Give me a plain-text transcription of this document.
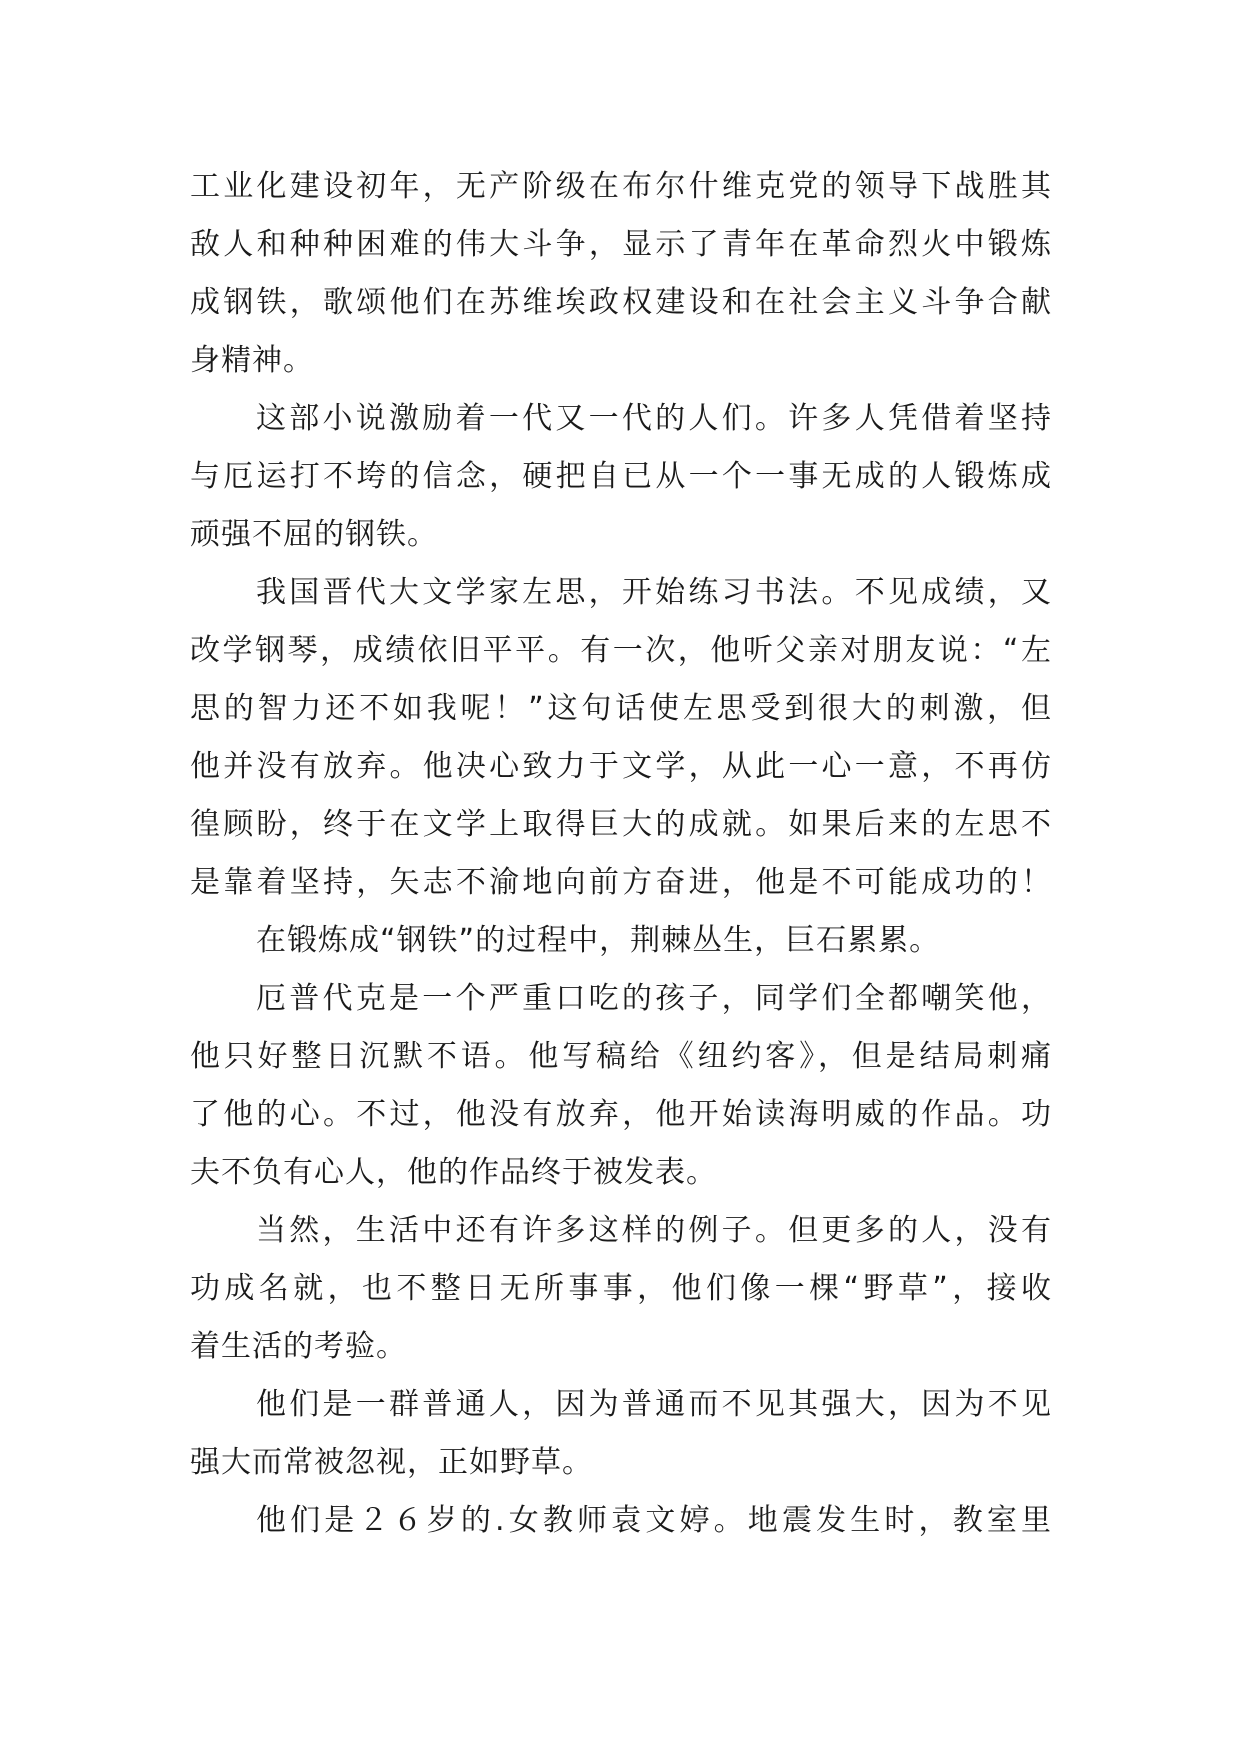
工业化建设初年，无产阶级在布尔什维克党的领导下战胜其
敌人和种种困难的伟大斗争，显示了青年在革命烈火中锻炼
成钢铁，歌颂他们在苏维埃政权建设和在社会主义斗争合献
身精神。
这部小说激励着一代又一代的人们。许多人凭借着坚持
与厄运打不垮的信念，硬把自已从一个一事无成的人锻炼成
顽强不屈的钢铁。
我国晋代大文学家左思，开始练习书法。不见成绩，又
改学钢琴，成绩依旧平平。有一次，他听父亲对朋友说：“左
思的智力还不如我呢！”这句话使左思受到很大的刺激，但
他并没有放弃。他决心致力于文学，从此一心一意，不再仿
徨顾盼，终于在文学上取得巨大的成就。如果后来的左思不
是靠着坚持，矢志不渝地向前方奋进，他是不可能成功的！
在锻炼成“钢铁”的过程中，荆棘丛生，巨石累累。
厄普代克是一个严重口吃的孩子，同学们全都嘲笑他，
他只好整日沉默不语。他写稿给《纽约客》，但是结局刺痛
了他的心。不过，他没有放弃，他开始读海明威的作品。功
夫不负有心人，他的作品终于被发表。
当然，生活中还有许多这样的例子。但更多的人，没有
功成名就，也不整日无所事事，他们像一棵“野草”，接收
着生活的考验。
他们是一群普通人，因为普通而不见其强大，因为不见
强大而常被忽视，正如野草。
他们是２６岁的.女教师袁文婷。地震发生时，教室里
